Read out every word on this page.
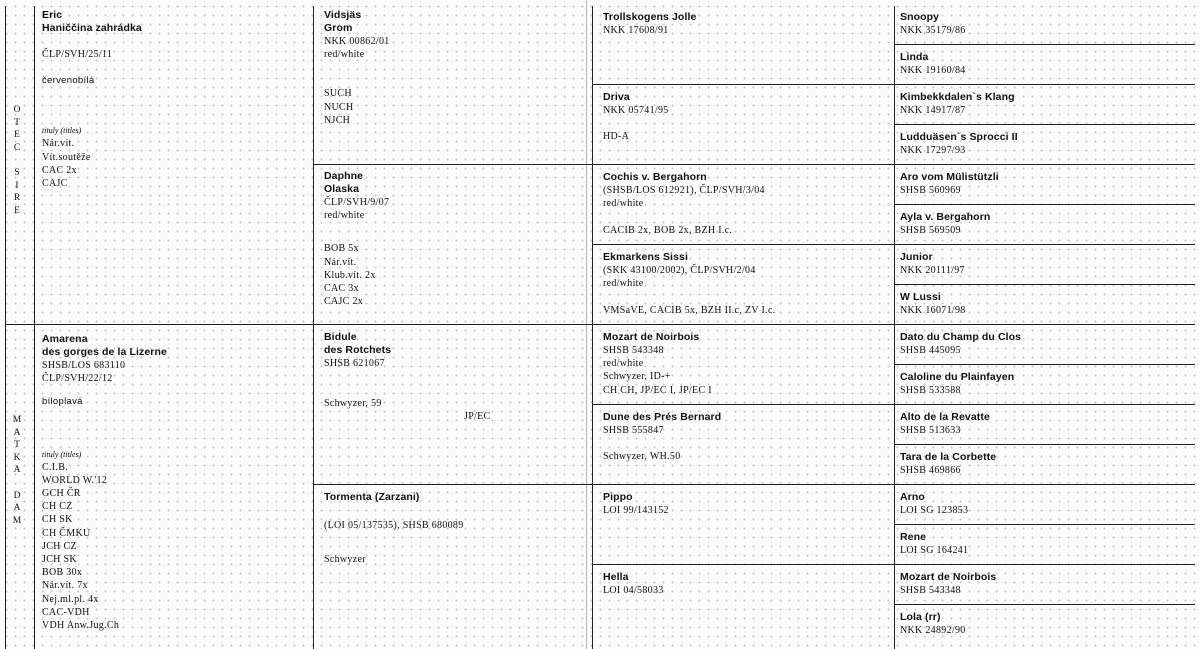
O
T
E
C
S
I
R
E
M
A
T
K
A
D
A
M
Eric
Haniččina zahrádka
ČLP/SVH/25/11
červenobílá
tituly (titles)
Nár.vít.
Vít.soutěže
CAC 2x
CAJC
Amarena
des gorges de la Lizerne
SHSB/LOS 683110
ČLP/SVH/22/12
bíloplavá
tituly (titles)
C.I.B.
WORLD W.'12
GCH ČR
CH CZ
CH SK
CH ČMKU
JCH CZ
JCH SK
BOB 30x
Nár.vít. 7x
Nej.ml.pl. 4x
CAC-VDH
VDH Anw.Jug.Ch
Vidsjäs
Grom
NKK 00862/01
red/white
SUCH
NUCH
NJCH
Daphne
Olaska
ČLP/SVH/9/07
red/white
BOB 5x
Nár.vít.
Klub.vít. 2x
CAC 3x
CAJC 2x
Bidule
des Rotchets
SHSB 621067
Schwyzer, 59
JP/EC
Tormenta (Zarzani)
(LOI 05/137535), SHSB 680089
Schwyzer
Trollskogens Jolle
NKK 17608/91
Driva
NKK 05741/95
HD-A
Cochis v. Bergahorn
(SHSB/LOS 612921), ČLP/SVH/3/04
red/white
CACIB 2x, BOB 2x, BZH I.c.
Ekmarkens Sissi
(SKK 43100/2002), ČLP/SVH/2/04
red/white
VMSaVE, CACIB 5x, BZH II.c, ZV I.c.
Mozart de Noirbois
SHSB 543348
red/white
Schwyzer, ID-+
CH CH, JP/EC I, JP/EC I
Dune des Prés Bernard
SHSB 555847
Schwyzer, WH.50
Pippo
LOI 99/143152
Hella
LOI 04/58033
Snoopy
NKK 35179/86
Linda
NKK 19160/84
Kimbekkdalen`s Klang
NKK 14917/87
Ludduäsen`s Sprocci II
NKK 17297/93
Aro vom Mülistützli
SHSB 560969
Ayla v. Bergahorn
SHSB 569509
Junior
NKK 20111/97
W Lussi
NKK 16071/98
Dato du Champ du Clos
SHSB 445095
Caloline du Plainfayen
SHSB 533588
Alto de la Revatte
SHSB 513633
Tara de la Corbette
SHSB 469866
Arno
LOI SG 123853
Rene
LOI SG 164241
Mozart de Noirbois
SHSB 543348
Lola (rr)
NKK 24892/90
